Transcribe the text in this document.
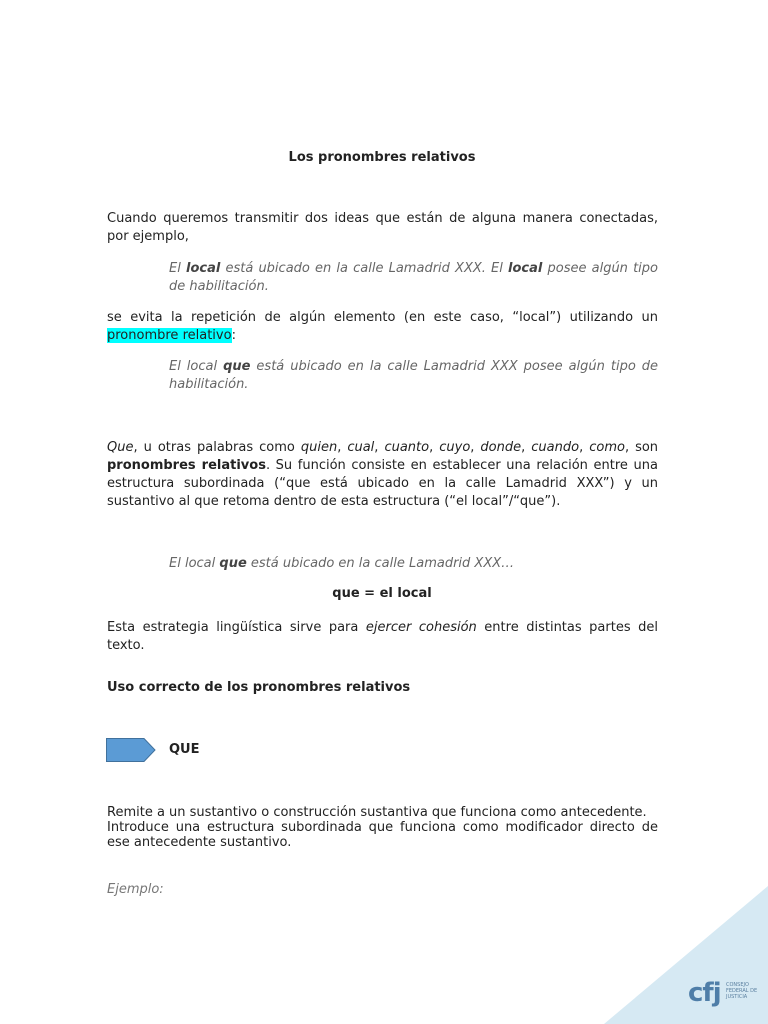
Los pronombres relativos
Cuando queremos transmitir dos ideas que están de alguna manera conectadas, por ejemplo,
El local está ubicado en la calle Lamadrid XXX. El local posee algún tipo de habilitación.
se evita la repetición de algún elemento (en este caso, “local”) utilizando un pronombre relativo:
El local que está ubicado en la calle Lamadrid XXX posee algún tipo de habilitación.
Que, u otras palabras como quien, cual, cuanto, cuyo, donde, cuando, como, son pronombres relativos. Su función consiste en establecer una relación entre una estructura subordinada (“que está ubicado en la calle Lamadrid XXX”) y un sustantivo al que retoma dentro de esta estructura (“el local”/“que”).
El local que está ubicado en la calle Lamadrid XXX…
que = el local
Esta estrategia lingüística sirve para ejercer cohesión entre distintas partes del texto.
Uso correcto de los pronombres relativos
QUE
Remite a un sustantivo o construcción sustantiva que funciona como antecedente.
Introduce una estructura subordinada que funciona como modificador directo de ese antecedente sustantivo.
Ejemplo:
cfj CONSEJO
FEDERAL DE
JUSTICIA
